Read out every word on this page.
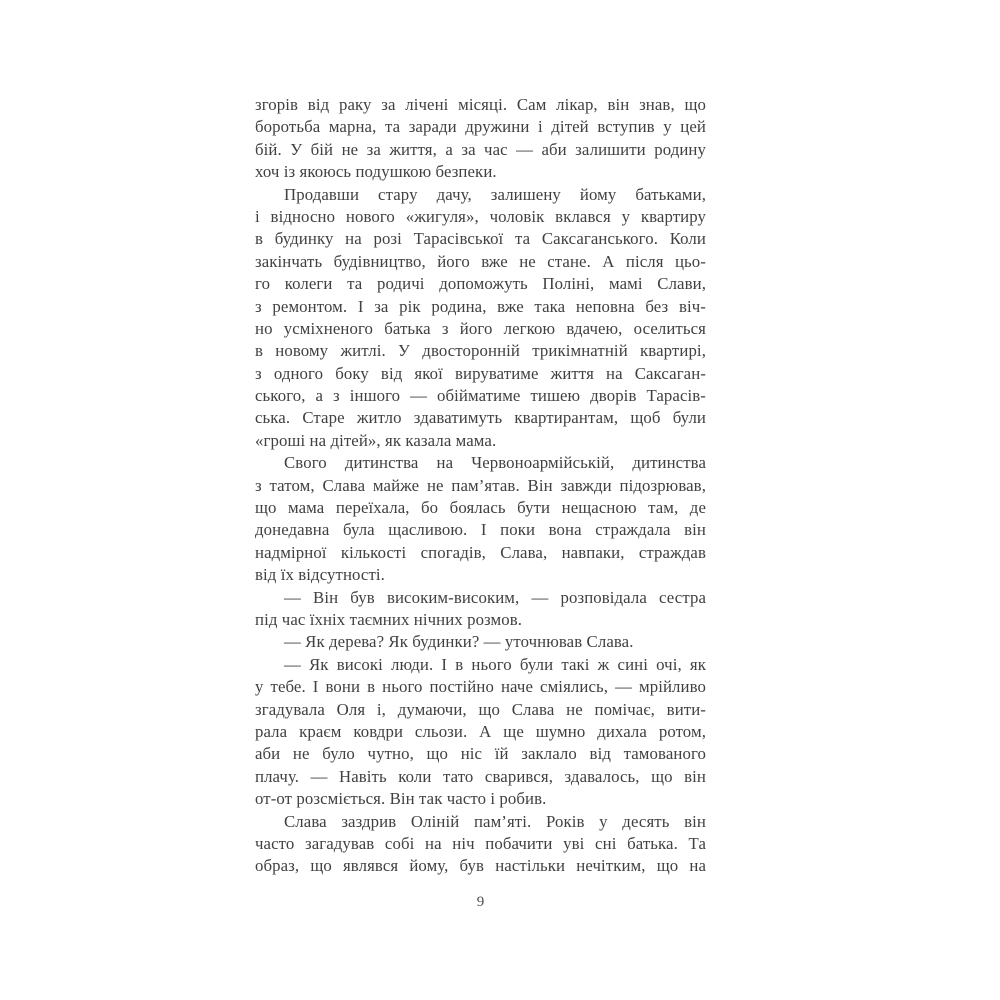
згорів від раку за лічені місяці. Сам лікар, він знав, що
боротьба марна, та заради дружини і дітей вступив у цей
бій. У бій не за життя, а за час — аби залишити родину
хоч із якоюсь подушкою безпеки.
Продавши стару дачу, залишену йому батьками,
і відносно нового «жигуля», чоловік вклався у квартиру
в будинку на розі Тарасівської та Саксаганського. Коли
закінчать будівництво, його вже не стане. А після цьо-
го колеги та родичі допоможуть Поліні, мамі Слави,
з ремонтом. І за рік родина, вже така неповна без віч-
но усміхненого батька з його легкою вдачею, оселиться
в новому житлі. У двосторонній трикімнатній квартирі,
з одного боку від якої вируватиме життя на Саксаган-
ського, а з іншого — обійматиме тишею дворів Тарасів-
ська. Старе житло здаватимуть квартирантам, щоб були
«гроші на дітей», як казала мама.
Свого дитинства на Червоноармійській, дитинства
з татом, Слава майже не пам’ятав. Він завжди підозрював,
що мама переїхала, бо боялась бути нещасною там, де
донедавна була щасливою. І поки вона страждала він
надмірної кількості спогадів, Слава, навпаки, страждав
від їх відсутності.
— Він був високим-високим, — розповідала сестра
під час їхніх таємних нічних розмов.
— Як дерева? Як будинки? — уточнював Слава.
— Як високі люди. І в нього були такі ж сині очі, як
у тебе. І вони в нього постійно наче сміялись, — мрійливо
згадувала Оля і, думаючи, що Слава не помічає, вити-
рала краєм ковдри сльози. А ще шумно дихала ротом,
аби не було чутно, що ніс їй заклало від тамованого
плачу. — Навіть коли тато сварився, здавалось, що він
от-от розсміється. Він так часто і робив.
Слава заздрив Оліній пам’яті. Років у десять він
часто загадував собі на ніч побачити уві сні батька. Та
образ, що являвся йому, був настільки нечітким, що на
9
